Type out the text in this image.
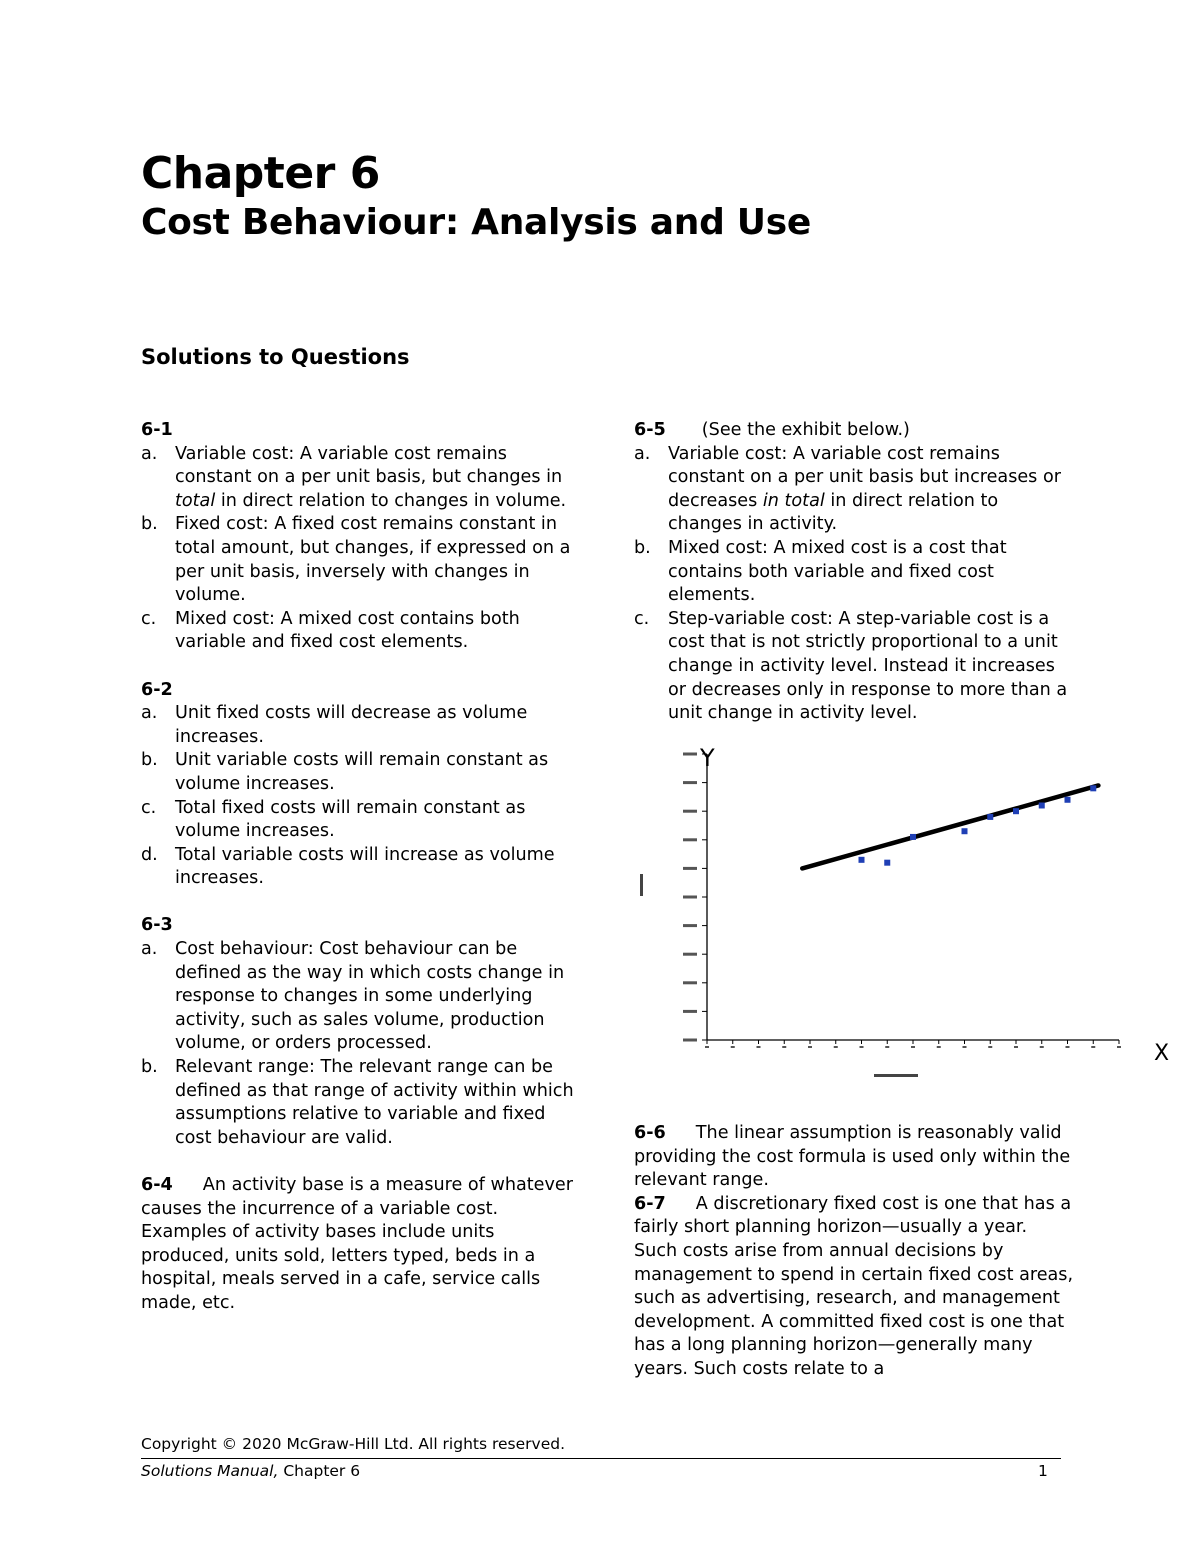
Chapter 6
Cost Behaviour: Analysis and Use
Solutions to Questions
6-1
a.	Variable cost: A variable cost remains constant on a per unit basis, but changes in total in direct relation to changes in volume.
b. Fixed cost: A fixed cost remains constant in total amount, but changes, if expressed on a per unit basis, inversely with changes in volume.
c.	Mixed cost: A mixed cost contains both variable and fixed cost elements.
6-2
a.	Unit fixed costs will decrease as volume increases.
b. Unit variable costs will remain constant as volume increases.
c.	Total fixed costs will remain constant as volume increases.
d. Total variable costs will increase as volume increases.
6-3
a.	Cost behaviour: Cost behaviour can be defined as the way in which costs change in response to changes in some underlying activity, such as sales volume, production volume, or orders processed.
b. Relevant range: The relevant range can be defined as that range of activity within which assumptions relative to variable and fixed cost behaviour are valid.

6-4 An activity base is a measure of whatever causes the incurrence of a variable cost. Examples of activity bases include units produced, units sold, letters typed, beds in a hospital, meals served in a cafe, service calls made, etc.

6-5 (See the exhibit below.)
a.	Variable cost: A variable cost remains constant on a per unit basis but increases or decreases in total in direct relation to changes in activity.
b. Mixed cost: A mixed cost is a cost that contains both variable and fixed cost elements.
c.	Step-variable cost: A step-variable cost is a cost that is not strictly proportional to a unit change in activity level. Instead it increases or decreases only in response to more than a unit change in activity level.
Y
X

6-6 The linear assumption is reasonably valid providing the cost formula is used only within the relevant range.

6-7 A discretionary fixed cost is one that has a fairly short planning horizon—usually a year. Such costs arise from annual decisions by management to spend in certain fixed cost areas, such as advertising, research, and management development. A committed fixed cost is one that has a long planning horizon—generally many years. Such costs relate to a

Copyright © 2020 McGraw-Hill Ltd. All rights reserved.

Solutions Manual, Chapter 6	1
